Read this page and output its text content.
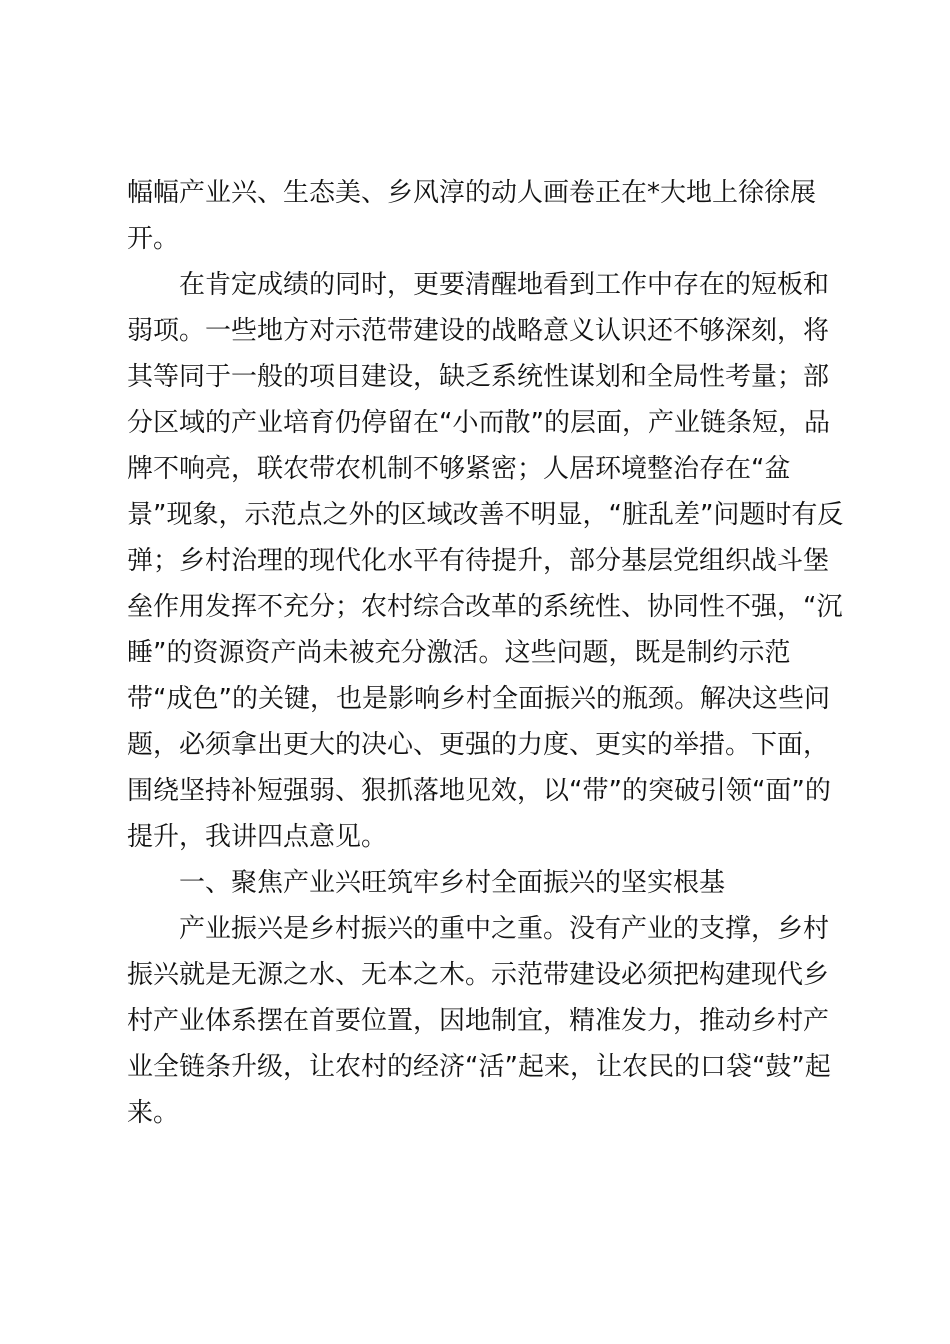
幅幅产业兴、生态美、乡风淳的动人画卷正在*大地上徐徐展
开。
在肯定成绩的同时，更要清醒地看到工作中存在的短板和
弱项。一些地方对示范带建设的战略意义认识还不够深刻，将
其等同于一般的项目建设，缺乏系统性谋划和全局性考量；部
分区域的产业培育仍停留在“小而散”的层面，产业链条短，品
牌不响亮，联农带农机制不够紧密；人居环境整治存在“盆
景”现象，示范点之外的区域改善不明显，“脏乱差”问题时有反
弹；乡村治理的现代化水平有待提升，部分基层党组织战斗堡
垒作用发挥不充分；农村综合改革的系统性、协同性不强，“沉
睡”的资源资产尚未被充分激活。这些问题，既是制约示范
带“成色”的关键，也是影响乡村全面振兴的瓶颈。解决这些问
题，必须拿出更大的决心、更强的力度、更实的举措。下面，
围绕坚持补短强弱、狠抓落地见效，以“带”的突破引领“面”的
提升，我讲四点意见。
一、聚焦产业兴旺筑牢乡村全面振兴的坚实根基
产业振兴是乡村振兴的重中之重。没有产业的支撑，乡村
振兴就是无源之水、无本之木。示范带建设必须把构建现代乡
村产业体系摆在首要位置，因地制宜，精准发力，推动乡村产
业全链条升级，让农村的经济“活”起来，让农民的口袋“鼓”起
来。
